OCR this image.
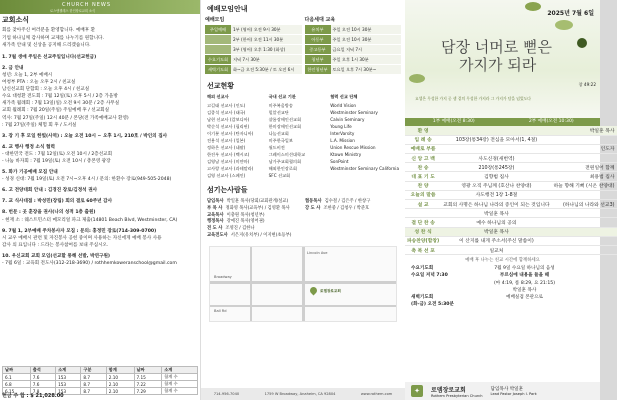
CHURCH NEWS
로스앤젤레스 한인장로교회 소식
교회소식
회를 찾아주신 여러분을 환영합니다. 예배후 환
기업 하나님께 감사하며 교제를 나누기를 원합니다.
새가족 안내 및 신상을 공지해 드리겠습니다.
1. 7월 생애 주일은 선교주일입니다(선교헌금)
2. 금 안내
청년: 오늘 1, 2부 예배시
여청부 PTA : 오늘 오후 2시 / 친교실
남신선교회 단합회 : 오늘 오후 4시 / 친교실
수요 대청환 전도회 : 7월 12일(토) 오후 5시 / 2층 가을방
새가족 월례회 : 7월 13일(일) 오전 9시 30분 / 2층 사무실
교회 월례회 : 7월 20일(주일) 주일예배 후 / 선교회실
역사: 7월 27일(주일) 12시 40분 / 본당(전 가족예배교사 환영)
: 7월 27일(주일) 체험 회 후 / 도서실
3. 장 기 후 모일 한빛(사역) : 오늘 오전 10시 ~ 오후 1시, 210호 / 박인의 집사
4. 교 행사 행정 소식 협력
- 대한민국 전도 : 7월 12일(토) 오전 10시 / 2층선교회
- 나눔 바자회 : 7월 19일(토) 오전 10시 / 총본영 광장
5. 화가 기공예배 모집 안내
- 성경 신대: 7월 19일(토) 오전 7시~오후 4시 / 문의: 한환수 장로(949-505-2048)
6. 고 전양대회 안내 : 김경진 장로/김정석 권사
7. 교 식사대접 : 박성민(장립) 회의 결로 60주년 감사
8. 번문 : 곳 훈장을 권사(나의 성적 1층 출원)
- 현재 소 : 웨스트민스터 메모리얼 파크 제출(14801 Beach Blvd, Westminster, CA)
9. 7월 1, 2부예배 주차봉사자 모집 : 문의: 홍정민 장로(714-309-0700)
시 교우 예배시 관련 및 자진봉사 공헌 중이며 사용하는 자신에게 예배 봉사 사용
감사 의 표입니다 : 드라는 봉사참여를 보내 주십시오.
10. 우신교회 교회 모임(선교할 통해 선발, 박연구원)
- 7월 6일 : 교육회 전도사(312-218-3690) / rothhemkoweranschool@gmail.com
날짜	출석	소계	구분	합계	날짜	소계
6.1	7.6	153	8.7	2.10	7.15	합계 수
6.8	7.6	153	8.7	2.10	7.22	합계 수
6.15	7.8	153	8.7	2.10	7.29	합계 수
헌금 주 합 : $ 21,028.00
예배모임안내
예배모임
주일예배	1부 (영어) 오전 9시 30분
2부 (한어) 오전 11시 30분
3부 (영어) 오후 1:30 (화상)
수요기도회	저녁 7시 30분
새벽기도회	화~금 오전 5:30분 / 토 오전 6시
다음세대 교육
유치부	주일 오전 10시 30분
아동부	주일 오전 10시 30분
중고등부	금요일 저녁 7시
청년부	주일 오후 1시 30분
한인청년부	토요일 오후 7시 30분~
선교현황
해외 선교사
고길태 선교사 (인도)
김종석 선교사 (태국)
남현 선교사 (캄보디아)
박순석 선교사 (필리핀)
이기분 선교사 (탄자니아)
전용석 선교사 (일본)
정하은 선교사 (네팔)
한진우 선교사 (멕시코)
김영남 선교사 (미얀마)
고사랑 선교사 (과테말라)
김영 선교사 (스페인)
국내 선교 기관
미주복음방송
밀알선교단
샬롬장애인선교회
한미장애인선교회
나눔선교회
미주한국일보
월드비전
그레이스미션대학교
남가주교회협의회
해외한인장로회
SFC 선교회
협력 선교 단체
World Vision
Westminster Seminary
Calvin Seminary
Young Life
InterVarsity
L.A. Mission
Union Rescue Mission
Ktown Ministry
SonPoint
Westminster Seminary California
섬기는사람들
담임목사 박일훈 목사(당회/교회관계/설교)
부 목 사 정화영 목사(교육부) / 김영환 목사
교육목사 이충원 목사(청년부)
행정목사 강예진 목사(영어권)
전 도 사 조영진 / 김한나
교육전도사 서은지(유치부) / 이지현(초등부)
협동목사 김수철 / 김은주 / 한창구
강 도 사 조한중 / 김청우 / 박준호
Broadway
Lincoln Ave
Ball Rd
로뎀장로교회
714-956-7040	1759 W Broadway, Anaheim, CA 92804	www.rothem.com
2025년 7월 6일
담장 너머로 뻗은
가지가 되라
창 49:22
요셉은 무성한 가지 곧 샘 곁의 무성한 가지라 그 가지가 담을 넘었도다
1부 예배(오전 8:30)	2부 예배(오전 10:30)
환 영		박일훈 목사
입 례 송	103장(통34장) 전심을 모아서(1, 4절)	
예배로 부름		인도자
신 앙 고 백	사도신경(새번역)	
찬 송	210장(통245장)	전원일어 함께
대 표 기 도	김향범 집사	최용범 집사
찬 양	영광 오직 주님께 (호산나 찬양대)	하늘 향해 기뻐 (시온 찬양대)
오늘의 말씀	사도행전 1장 1-8절	
설 교	교회의 사명은 하나님 나라의 증인이 되는 것입니다	(하나님의 나라와 선교3)
	박일훈 목사	
결 단 찬 송	예수 하나님의 공의	
성 찬 식	박일훈 목사	
파송찬양(합창)	이 산지를 내게 주소서(주신 말씀이)	
축 복 선 포	일교처	
예배 후 나누는 친교 시간에 함께하세요
수요기도회	7월 9일 수요일 하나님의 음성
수요일 저녁 7:30	부르심에 내용을 들을 때
(마 4:19, 룸 8:29, 요 21:15)
박일훈 목사
새벽기도회	예배실겸 본관으로
(화-금) 오전 5:30분
✦	로뎀장로교회
Rothem Presbyterian Church
담임목사 박일훈
Lead Pastor Joseph I. Park
